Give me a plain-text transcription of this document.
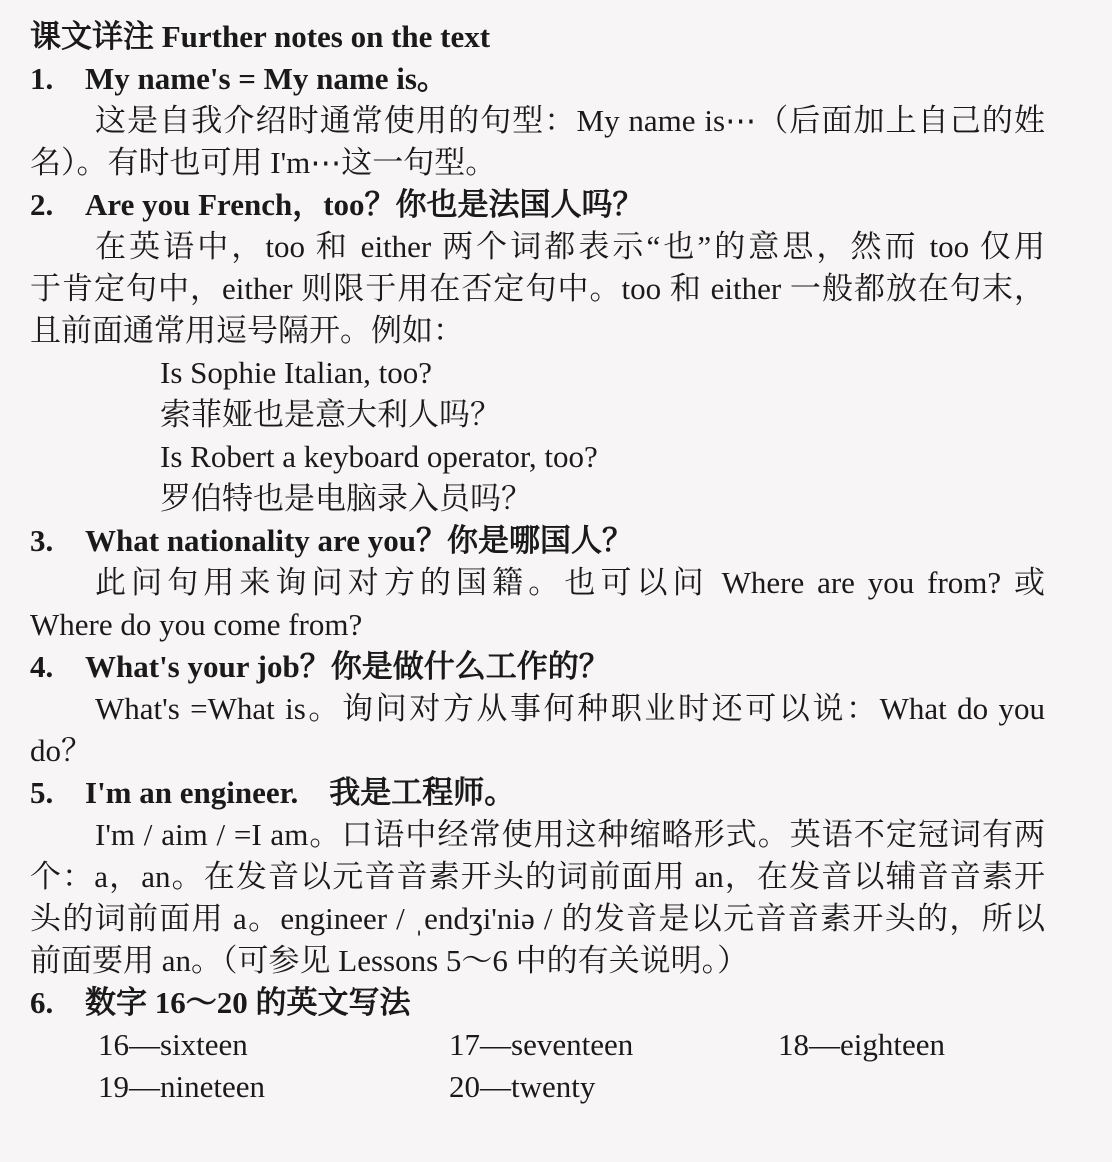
课文详注 Further notes on the text
1. My name's = My name is。
这是自我介绍时通常使用的句型：My name is⋯（后面加上自己的姓
名）。有时也可用 I'm⋯这一句型。
2. Are you French，too？你也是法国人吗？
在英语中，too 和 either 两个词都表示“也”的意思，然而 too 仅用
于肯定句中，either 则限于用在否定句中。too 和 either 一般都放在句末，
且前面通常用逗号隔开。例如：
Is Sophie Italian, too?
索菲娅也是意大利人吗？
Is Robert a keyboard operator, too?
罗伯特也是电脑录入员吗？
3. What nationality are you？你是哪国人？
此问句用来询问对方的国籍。也可以问 Where are you from? 或
Where do you come from?
4. What's your job？你是做什么工作的？
What's =What is。询问对方从事何种职业时还可以说：What do you
do？
5. I'm an engineer.　我是工程师。
I'm / aim / =I am。口语中经常使用这种缩略形式。英语不定冠词有两
个：a，an。在发音以元音音素开头的词前面用 an，在发音以辅音音素开
头的词前面用 a。engineer / ˌendʒi'niə / 的发音是以元音音素开头的，所以
前面要用 an。（可参见 Lessons 5～6 中的有关说明。）
6. 数字 16～20 的英文写法
16—sixteen	17—seventeen	18—eighteen
19—nineteen	20—twenty
